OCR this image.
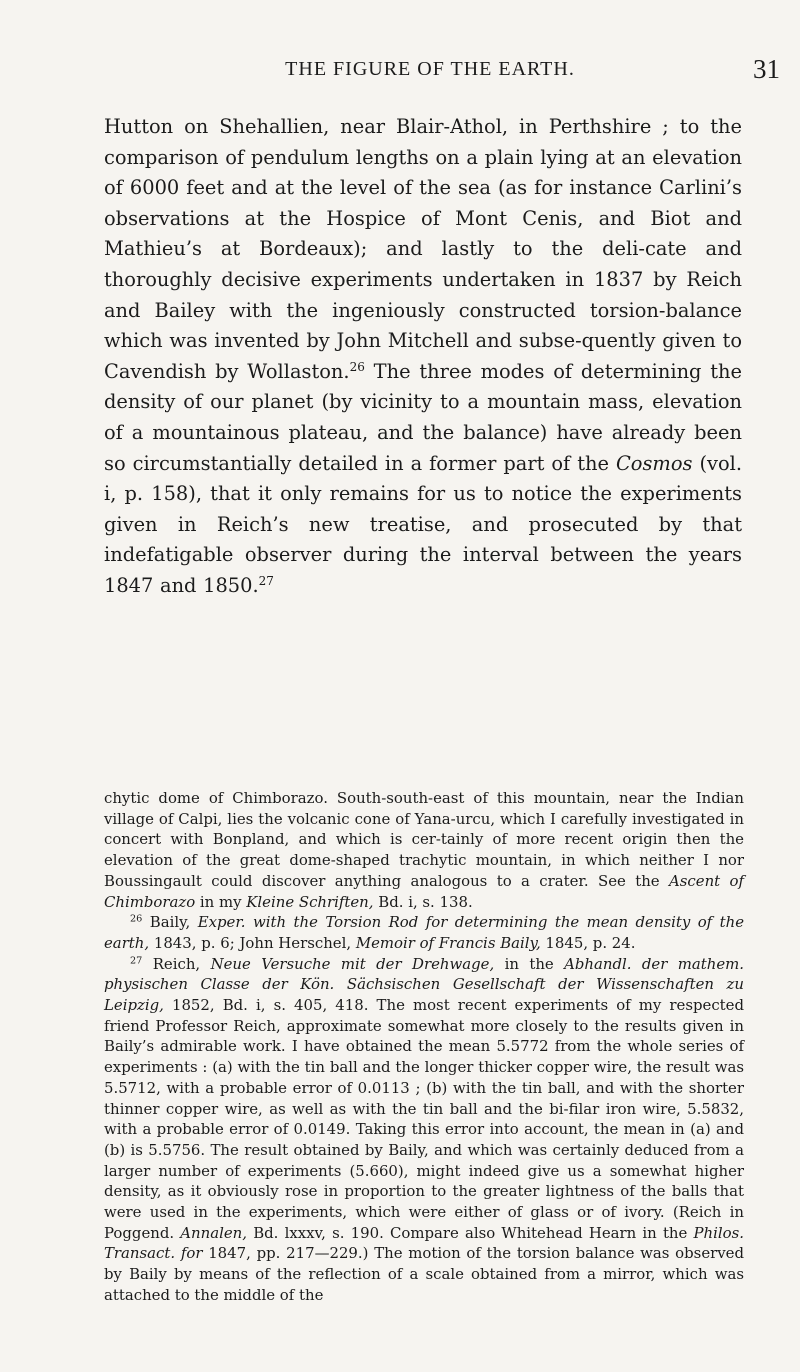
THE FIGURE OF THE EARTH.	31
Hutton on Shehallien, near Blair-Athol, in Perthshire ; to the comparison of pendulum lengths on a plain lying at an elevation of 6000 feet and at the level of the sea (as for instance Carlini’s observations at the Hospice of Mont Cenis, and Biot and Mathieu’s at Bordeaux); and lastly to the deli-cate and thoroughly decisive experiments undertaken in 1837 by Reich and Bailey with the ingeniously constructed torsion-balance which was invented by John Mitchell and subse-quently given to Cavendish by Wollaston.$^{26}$ The three modes of determining the density of our planet (by vicinity to a mountain mass, elevation of a mountainous plateau, and the balance) have already been so circumstantially detailed in a former part of the Cosmos (vol. i, p. 158), that it only remains for us to notice the experiments given in Reich’s new treatise, and prosecuted by that indefatigable observer during the interval between the years 1847 and 1850.27

chytic dome of Chimborazo. South-south-east of this mountain, near the Indian village of Calpi, lies the volcanic cone of Yana-urcu, which I carefully investigated in concert with Bonpland, and which is cer-tainly of more recent origin then the elevation of the great dome-shaped trachytic mountain, in which neither I nor Boussingault could discover anything analogous to a crater. See the Ascent of Chimborazo in my Kleine Schriften, Bd. i, s. 138.

$^{26}$ Baily, Exper. with the Torsion Rod for determining the mean density of the earth, 1843, p. 6; John Herschel, Memoir of Francis Baily, 1845, p. 24.

$^{27}$ Reich, Neue Versuche mit der Drehwage, in the Abhandl. der mathem. physischen Classe der Kön. Sächsischen Gesellschaft der Wissenschaften zu Leipzig, 1852, Bd. i, s. 405, 418. The most recent experiments of my respected friend Professor Reich, approximate somewhat more closely to the results given in Baily’s admirable work. I have obtained the mean 5.5772 from the whole series of experiments : (a) with the tin ball and the longer thicker copper wire, the result was 5.5712, with a probable error of 0.0113 ; (b) with the tin ball, and with the shorter thinner copper wire, as well as with the tin ball and the bi-filar iron wire, 5.5832, with a probable error of 0.0149. Taking this error into account, the mean in (a) and (b) is 5.5756. The result obtained by Baily, and which was certainly deduced from a larger number of experiments (5.660), might indeed give us a somewhat higher density, as it obviously rose in proportion to the greater lightness of the balls that were used in the experiments, which were either of glass or of ivory. (Reich in Poggend. Annalen, Bd. lxxxv, s. 190. Compare also Whitehead Hearn in the Philos. Transact. for 1847, pp. 217—229.) The motion of the torsion balance was observed by Baily by means of the reflection of a scale obtained from a mirror, which was attached to the middle of the
